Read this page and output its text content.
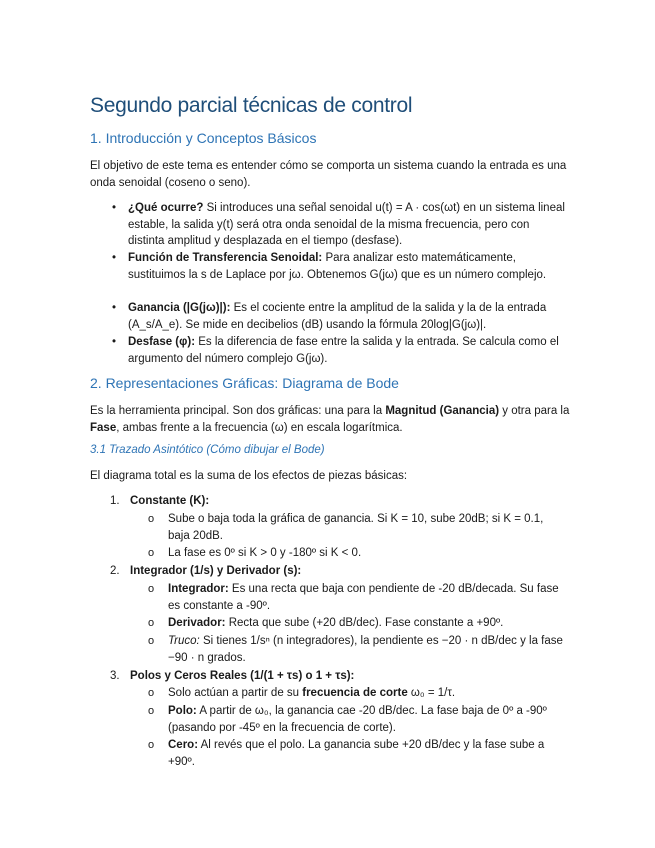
Segundo parcial técnicas de control
1. Introducción y Conceptos Básicos
El objetivo de este tema es entender cómo se comporta un sistema cuando la entrada es una onda senoidal (coseno o seno).
• ¿Qué ocurre? Si introduces una señal senoidal u(t) = A · cos(ωt) en un sistema lineal estable, la salida y(t) será otra onda senoidal de la misma frecuencia, pero con distinta amplitud y desplazada en el tiempo (desfase).
• Función de Transferencia Senoidal: Para analizar esto matemáticamente, sustituimos la s de Laplace por jω. Obtenemos G(jω) que es un número complejo.
• Ganancia (|G(jω)|): Es el cociente entre la amplitud de la salida y la de la entrada (A_s/A_e). Se mide en decibelios (dB) usando la fórmula 20log|G(jω)|.
• Desfase (φ): Es la diferencia de fase entre la salida y la entrada. Se calcula como el argumento del número complejo G(jω).
2. Representaciones Gráficas: Diagrama de Bode
Es la herramienta principal. Son dos gráficas: una para la Magnitud (Ganancia) y otra para la Fase, ambas frente a la frecuencia (ω) en escala logarítmica.
3.1 Trazado Asintótico (Cómo dibujar el Bode)
El diagrama total es la suma de los efectos de piezas básicas:
1. Constante (K):
o Sube o baja toda la gráfica de ganancia. Si K = 10, sube 20dB; si K = 0.1, baja 20dB.
o La fase es 0º si K > 0 y -180º si K < 0.
2. Integrador (1/s) y Derivador (s):
o Integrador: Es una recta que baja con pendiente de -20 dB/decada. Su fase es constante a -90º.
o Derivador: Recta que sube (+20 dB/dec). Fase constante a +90º.
o Truco: Si tienes 1/sⁿ (n integradores), la pendiente es −20 · n dB/dec y la fase −90 · n grados.
3. Polos y Ceros Reales (1/(1 + τs) o 1 + τs):
o Solo actúan a partir de su frecuencia de corte ω₀ = 1/τ.
o Polo: A partir de ω₀, la ganancia cae -20 dB/dec. La fase baja de 0º a -90º (pasando por -45º en la frecuencia de corte).
o Cero: Al revés que el polo. La ganancia sube +20 dB/dec y la fase sube a +90º.
